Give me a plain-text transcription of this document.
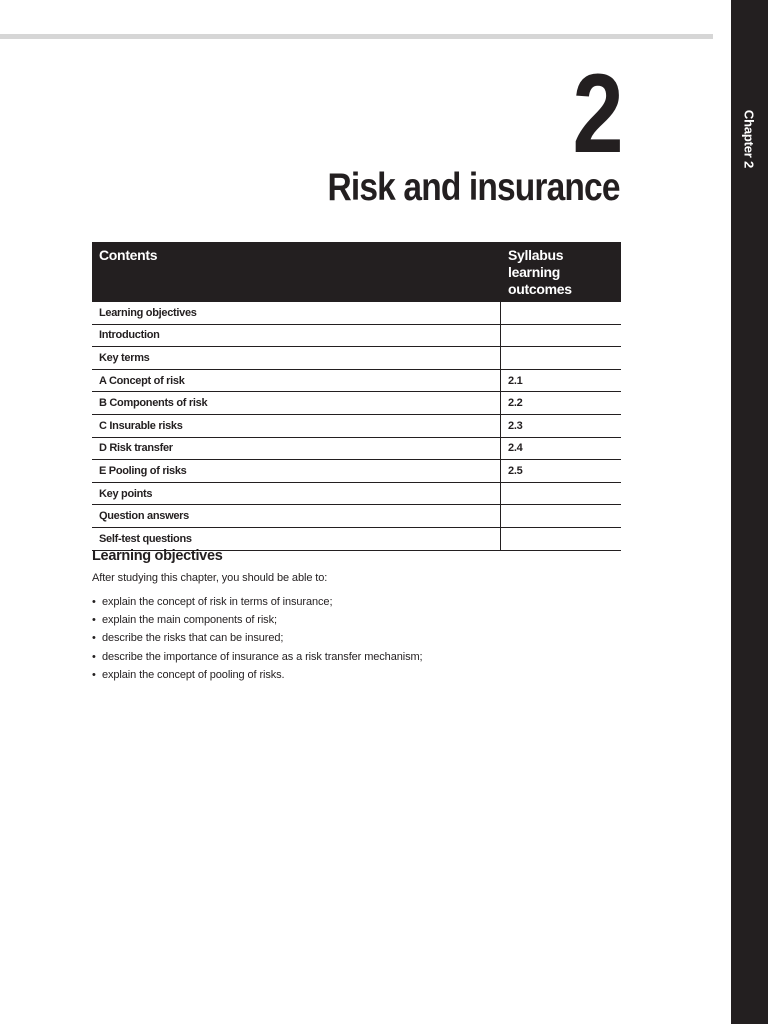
Chapter 2
2
Risk and insurance
Contents	Syllabus learning outcomes
Learning objectives	
Introduction	
Key terms	
A Concept of risk	2.1
B Components of risk	2.2
C Insurable risks	2.3
D Risk transfer	2.4
E Pooling of risks	2.5
Key points	
Question answers	
Self-test questions	
Learning objectives

After studying this chapter, you should be able to:

• explain the concept of risk in terms of insurance;
• explain the main components of risk;
• describe the risks that can be insured;
• describe the importance of insurance as a risk transfer mechanism;
• explain the concept of pooling of risks.
